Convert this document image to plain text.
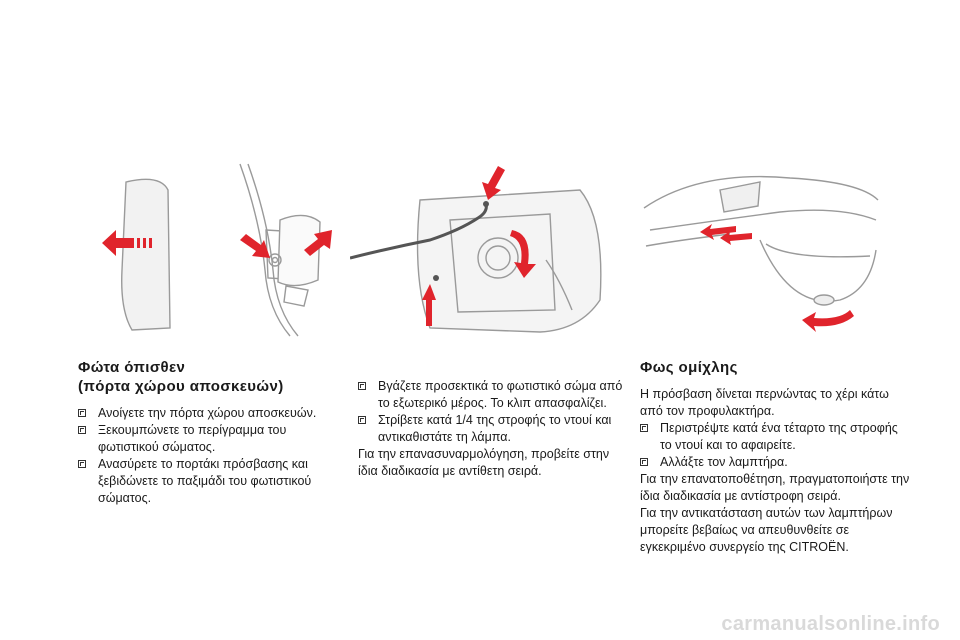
Φώτα όπισθεν
(πόρτα χώρου αποσκευών)

Ανοίγετε την πόρτα χώρου αποσκευών.

Ξεκουμπώνετε το περίγραμμα του φωτιστικού σώματος.

Ανασύρετε το πορτάκι πρόσβασης και ξεβιδώνετε το παξιμάδι του φωτιστικού σώματος.

Βγάζετε προσεκτικά το φωτιστικό σώμα από το εξωτερικό μέρος. Το κλιπ απασφαλίζει.

Στρίβετε κατά 1/4 της στροφής το ντουί και αντικαθιστάτε τη λάμπα.

Για την επανασυναρμολόγηση, προβείτε στην ίδια διαδικασία με αντίθετη σειρά.

Φως ομίχλης

Η πρόσβαση δίνεται περνώντας το χέρι κάτω από τον προφυλακτήρα.

Περιστρέψτε κατά ένα τέταρτο της στροφής το ντουί και το αφαιρείτε.

Αλλάξτε τον λαμπτήρα.

Για την επανατοποθέτηση, πραγματοποιήστε την ίδια διαδικασία με αντίστροφη σειρά.

Για την αντικατάσταση αυτών των λαμπτήρων μπορείτε βεβαίως να απευθυνθείτε σε εγκεκριμένο συνεργείο της CITROËN.

carmanualsonline.info
